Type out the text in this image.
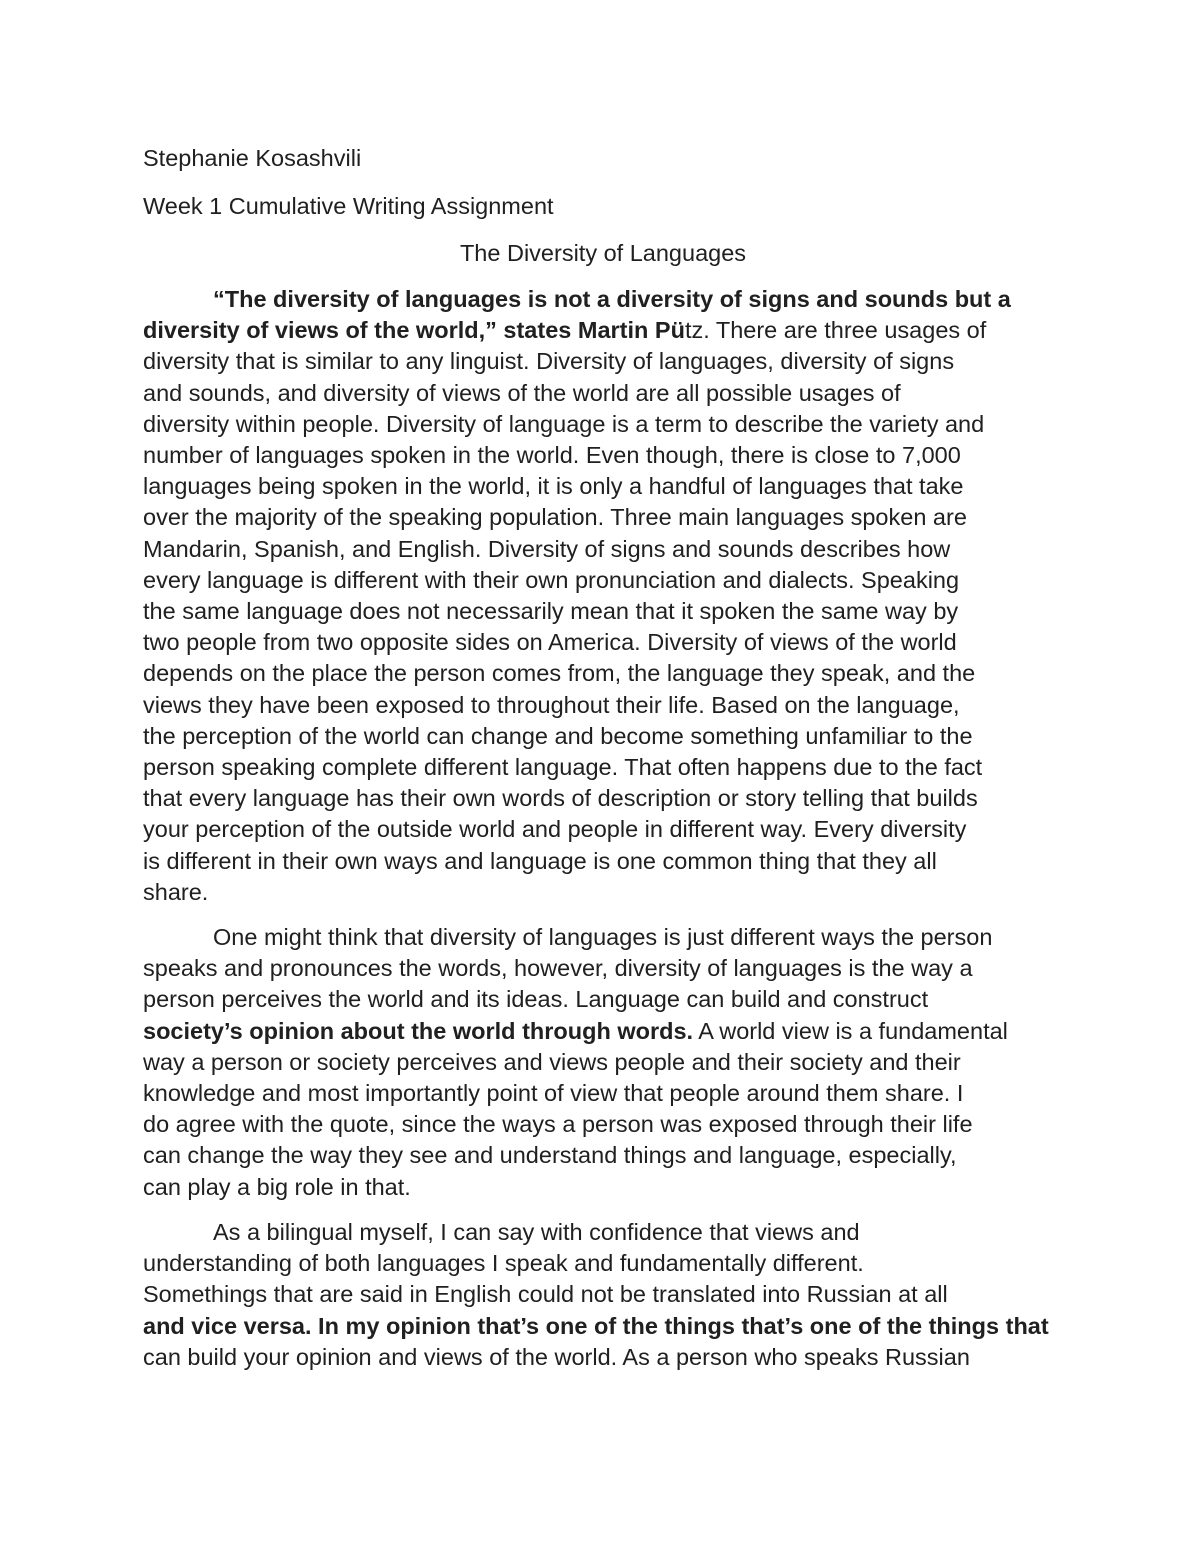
Stephanie Kosashvili
Week 1 Cumulative Writing Assignment
The Diversity of Languages
“The diversity of languages is not a diversity of signs and sounds but a
diversity of views of the world,” states Martin Pütz. There are three usages of
diversity that is similar to any linguist. Diversity of languages, diversity of signs
and sounds, and diversity of views of the world are all possible usages of
diversity within people. Diversity of language is a term to describe the variety and
number of languages spoken in the world. Even though, there is close to 7,000
languages being spoken in the world, it is only a handful of languages that take
over the majority of the speaking population. Three main languages spoken are
Mandarin, Spanish, and English. Diversity of signs and sounds describes how
every language is different with their own pronunciation and dialects. Speaking
the same language does not necessarily mean that it spoken the same way by
two people from two opposite sides on America. Diversity of views of the world
depends on the place the person comes from, the language they speak, and the
views they have been exposed to throughout their life. Based on the language,
the perception of the world can change and become something unfamiliar to the
person speaking complete different language. That often happens due to the fact
that every language has their own words of description or story telling that builds
your perception of the outside world and people in different way. Every diversity
is different in their own ways and language is one common thing that they all
share.
One might think that diversity of languages is just different ways the person
speaks and pronounces the words, however, diversity of languages is the way a
person perceives the world and its ideas. Language can build and construct
society’s opinion about the world through words. A world view is a fundamental
way a person or society perceives and views people and their society and their
knowledge and most importantly point of view that people around them share. I
do agree with the quote, since the ways a person was exposed through their life
can change the way they see and understand things and language, especially,
can play a big role in that.
As a bilingual myself, I can say with confidence that views and
understanding of both languages I speak and fundamentally different.
Somethings that are said in English could not be translated into Russian at all
and vice versa. In my opinion that’s one of the things that’s one of the things that
can build your opinion and views of the world. As a person who speaks Russian
